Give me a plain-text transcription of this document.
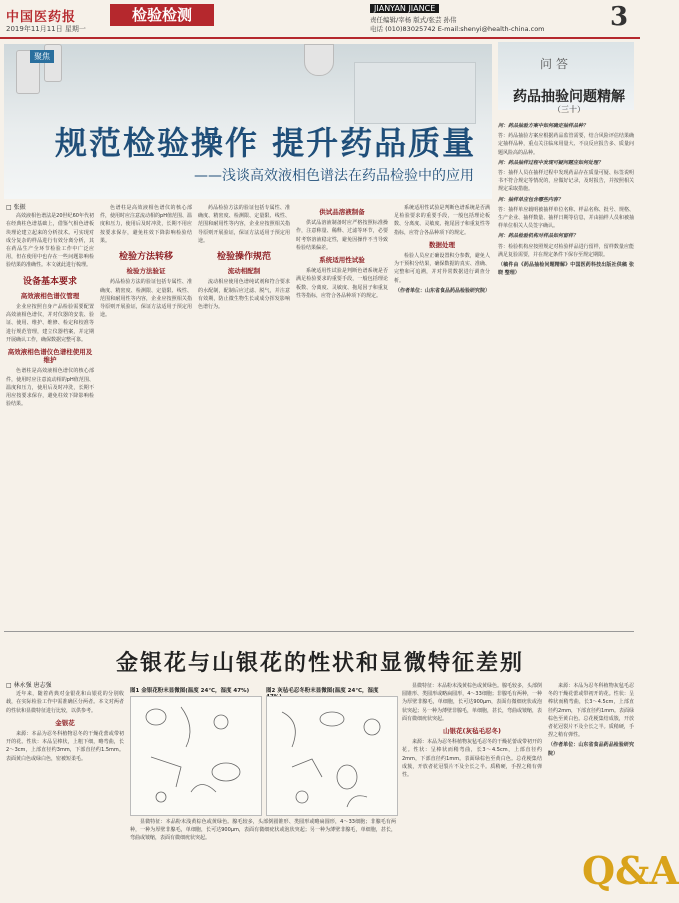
中国医药报
2019年11月11日 星期一
检验检测	JIANYAN JIANCE
责任编辑/宰杨 版式/张芸 孙伟
电话 (010)83025742 E-mail:shenyi@health-china.com	3
聚焦
规范检验操作 提升药品质量
——浅谈高效液相色谱法在药品检验中的应用
□ 张振

高效液相色谱法是20世纪60年代初在经典柱色谱基础上，借鉴气相色谱板块理论建立起来的分析技术。可实现对成分复杂的样品进行有效分离分析，其在药品生产全环节检验工作中广泛应用，但在使用中也存在一些问题影响检验结果的准确性。本文就此进行梳理。

设备基本要求
高效液相色谱仪管理

企业应按照自身产品检验需要配置高效液相色谱仪，并对仪器的安装、验证、使用、维护、维修、检定和校准等进行规范管理，建立仪器档案，并定期开展确认工作，确保数据完整可靠。

高效液相色谱仪色谱柱使用及维护

色谱柱是高效液相色谱仪的核心部件，使用时应注意流动相的pH值范围、温度和压力，使用后及时冲洗，长期不用应按要求保存，避免柱效下降影响检验结果。

色谱柱是高效液相色谱仪的核心部件，使用时应注意流动相的pH值范围、温度和压力，使用后及时冲洗，长期不用应按要求保存，避免柱效下降影响检验结果。

检验方法转移
检验方法验证

药品检验方法的验证包括专属性、准确度、精密度、检测限、定量限、线性、范围和耐用性等内容，企业应按照相关指导原则开展验证，保证方法适用于预定用途。

药品检验方法的验证包括专属性、准确度、精密度、检测限、定量限、线性、范围和耐用性等内容，企业应按照相关指导原则开展验证，保证方法适用于预定用途。

检验操作规范
流动相配制

流动相应使用色谱纯试剂和符合要求的水配制，配制后应过滤、脱气，并注意有效期，防止微生物生长或成分挥发影响色谱行为。

供试品溶液制备

供试品溶液制备时应严格按照标准操作，注意称量、稀释、过滤等环节，必要时考察溶液稳定性，避免因操作不当导致检验结果偏差。

系统适用性试验

系统适用性试验是判断色谱系统是否满足检验要求的重要手段，一般包括理论板数、分离度、灵敏度、拖尾因子和重复性等指标，应符合各品种项下的规定。

系统适用性试验是判断色谱系统是否满足检验要求的重要手段，一般包括理论板数、分离度、灵敏度、拖尾因子和重复性等指标，应符合各品种项下的规定。

数据处理

检验人员应正确设置积分参数，避免人为干预积分结果，确保数据的真实、准确、完整和可追溯，并对异常数据进行调查分析。

（作者单位：山东省食品药品检验研究院）

问答
药品抽验问题精解
（三十）

问：药品抽验方案中如何确定抽样品种？

答：药品抽验方案应根据药品监管需要，结合风险评估结果确定抽样品种，重点关注临床用量大、不良反应报告多、质量问题风险高的品种。

问：药品抽样过程中发现可疑问题应如何处理？

答：抽样人员在抽样过程中发现药品存在质量可疑、标签说明书不符合规定等情况的，应做好记录，及时报告，并按照相关规定采取措施。

问：抽样单应包含哪些内容？

答：抽样单应载明被抽样单位名称、样品名称、批号、规格、生产企业、抽样数量、抽样日期等信息，并由抽样人员和被抽样单位相关人员签字确认。

问：药品检验机构对样品如何留样？

答：检验机构应按照规定对检验样品进行留样，留样数量应能满足复验需要，并在规定条件下保存至规定期限。

（稿件由《药品抽检问题精解》中国医药科技出版社供稿 张晓 整理）

金银花与山银花的性状和显微特征差别
□ 林永强 唐志强

近年来，随着药典对金银花和山银花的分别收载，在实际检验工作中需准确区分两者。本文对两者的性状和显微特征进行比较，以供参考。

金银花

来源：本品为忍冬科植物忍冬的干燥花蕾或带初开的花。性状：本品呈棒状，上粗下细，略弯曲，长2～3cm，上部直径约3mm，下部直径约1.5mm。表面黄白色或绿白色，密被短柔毛。

图1 金银花粉末显微图(温度 24℃，湿度 47%)	图2 灰毡毛忍冬粉末显微图(温度 24℃，湿度

显微特征：本品粉末浅黄棕色或黄绿色。腺毛较多，头部倒圆锥形、类圆形或略扁圆形，4～33细胞；非腺毛有两种，一种为厚壁非腺毛，单细胞，长可达900μm，表面有微细疣状或泡状突起；另一种为薄壁非腺毛，单细胞，甚长，弯曲或皱缩，表面有微细疣状突起。

显微特征：本品粉末浅黄棕色或黄绿色。腺毛较多，头部倒圆锥形、类圆形或略扁圆形，4～33细胞；非腺毛有两种，一种为厚壁非腺毛，单细胞，长可达900μm，表面有微细疣状或泡状突起；另一种为薄壁非腺毛，单细胞，甚长，弯曲或皱缩，表面有微细疣状突起。

山银花(灰毡毛忍冬)

来源：本品为忍冬科植物灰毡毛忍冬的干燥花蕾或带初开的花。性状：呈棒状而稍弯曲，长3～4.5cm，上部直径约2mm，下部直径约1mm。表面绿棕色至黄白色。总花梗集结成簇，开放者花冠裂片不及全长之半。质稍硬，手捏之稍有弹性。

来源：本品为忍冬科植物灰毡毛忍冬的干燥花蕾或带初开的花。性状：呈棒状而稍弯曲，长3～4.5cm，上部直径约2mm，下部直径约1mm。表面绿棕色至黄白色。总花梗集结成簇，开放者花冠裂片不及全长之半。质稍硬，手捏之稍有弹性。

（作者单位：山东省食品药品检验研究院）

Q&A
